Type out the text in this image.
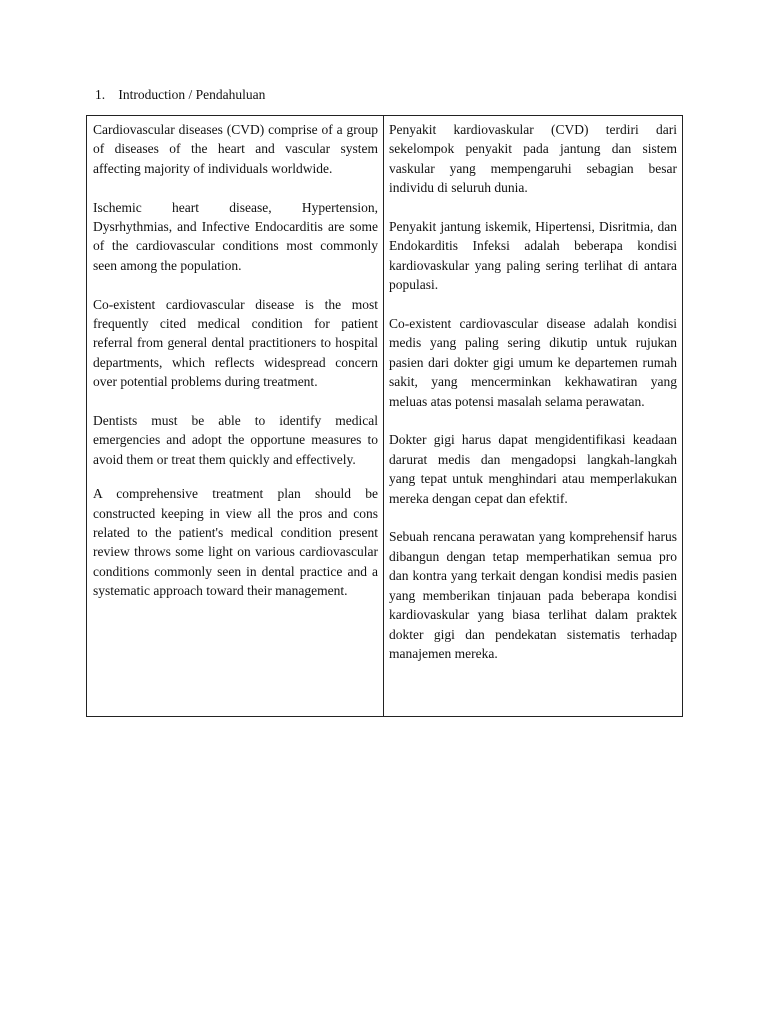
1. Introduction / Pendahuluan

Cardiovascular diseases (CVD) comprise of a group of diseases of the heart and vascular system affecting majority of individuals worldwide.

Ischemic heart disease, Hypertension, Dysrhythmias, and Infective Endocarditis are some of the cardiovascular conditions most commonly seen among the population.

Co-existent cardiovascular disease is the most frequently cited medical condition for patient referral from general dental practitioners to hospital departments, which reflects widespread concern over potential problems during treatment.

Dentists must be able to identify medical emergencies and adopt the opportune measures to avoid them or treat them quickly and effectively.

A comprehensive treatment plan should be constructed keeping in view all the pros and cons related to the patient's medical condition present review throws some light on various cardiovascular conditions commonly seen in dental practice and a systematic approach toward their management.

Penyakit kardiovaskular (CVD) terdiri dari sekelompok penyakit pada jantung dan sistem vaskular yang mempengaruhi sebagian besar individu di seluruh dunia.

Penyakit jantung iskemik, Hipertensi, Disritmia, dan Endokarditis Infeksi adalah beberapa kondisi kardiovaskular yang paling sering terlihat di antara populasi.

Co-existent cardiovascular disease adalah kondisi medis yang paling sering dikutip untuk rujukan pasien dari dokter gigi umum ke departemen rumah sakit, yang mencerminkan kekhawatiran yang meluas atas potensi masalah selama perawatan.

Dokter gigi harus dapat mengidentifikasi keadaan darurat medis dan mengadopsi langkah-langkah yang tepat untuk menghindari atau memperlakukan mereka dengan cepat dan efektif.

Sebuah rencana perawatan yang komprehensif harus dibangun dengan tetap memperhatikan semua pro dan kontra yang terkait dengan kondisi medis pasien yang memberikan tinjauan pada beberapa kondisi kardiovaskular yang biasa terlihat dalam praktek dokter gigi dan pendekatan sistematis terhadap manajemen mereka.
